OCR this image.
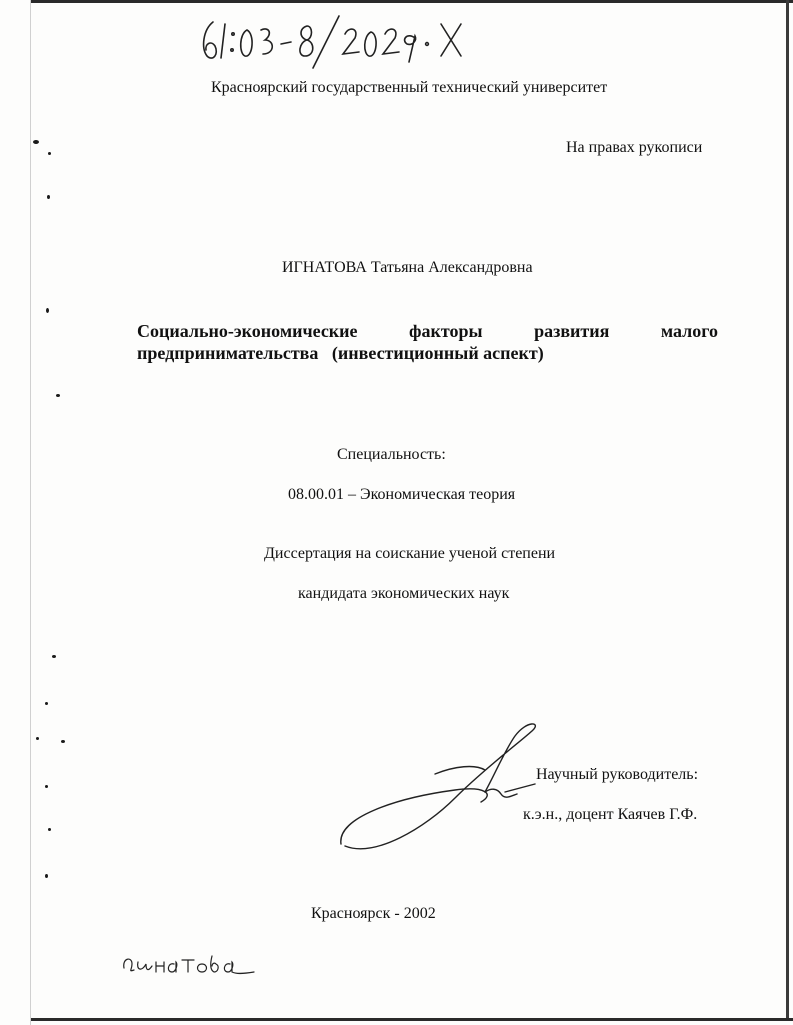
Красноярский государственный технический университет
На правах рукописи
ИГНАТОВА Татьяна Александровна
Социально-экономические факторы развития малого
предпринимательства   (инвестиционный аспект)
Специальность:
08.00.01 – Экономическая теория
Диссертация на соискание ученой степени
кандидата экономических наук
Научный руководитель:
к.э.н., доцент Каячев Г.Ф.
Красноярск - 2002
